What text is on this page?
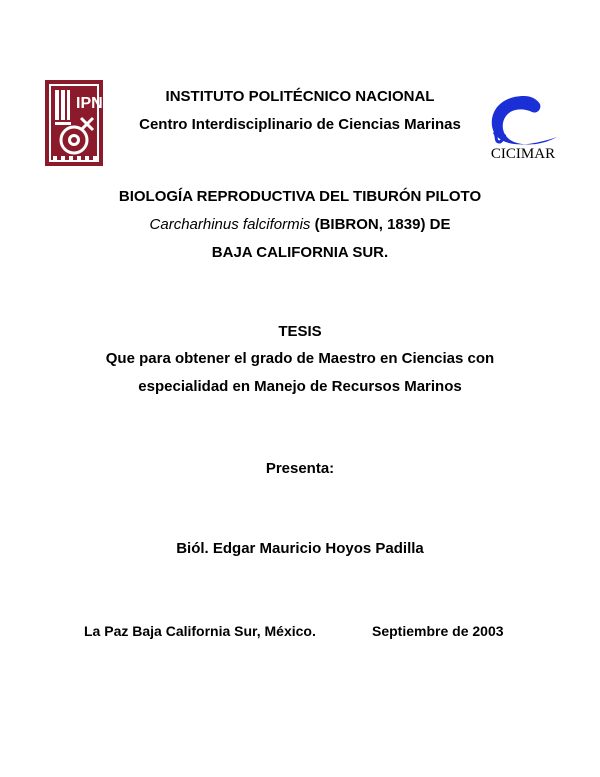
IPN
CICIMAR
INSTITUTO POLITÉCNICO NACIONAL
Centro Interdisciplinario de Ciencias Marinas
BIOLOGÍA REPRODUCTIVA DEL TIBURÓN PILOTO
Carcharhinus falciformis (BIBRON, 1839) DE
BAJA CALIFORNIA SUR.
TESIS
Que para obtener el grado de Maestro en Ciencias con
especialidad en Manejo de Recursos Marinos
Presenta:
Biól. Edgar Mauricio Hoyos Padilla
La Paz Baja California Sur, México.	Septiembre de 2003
